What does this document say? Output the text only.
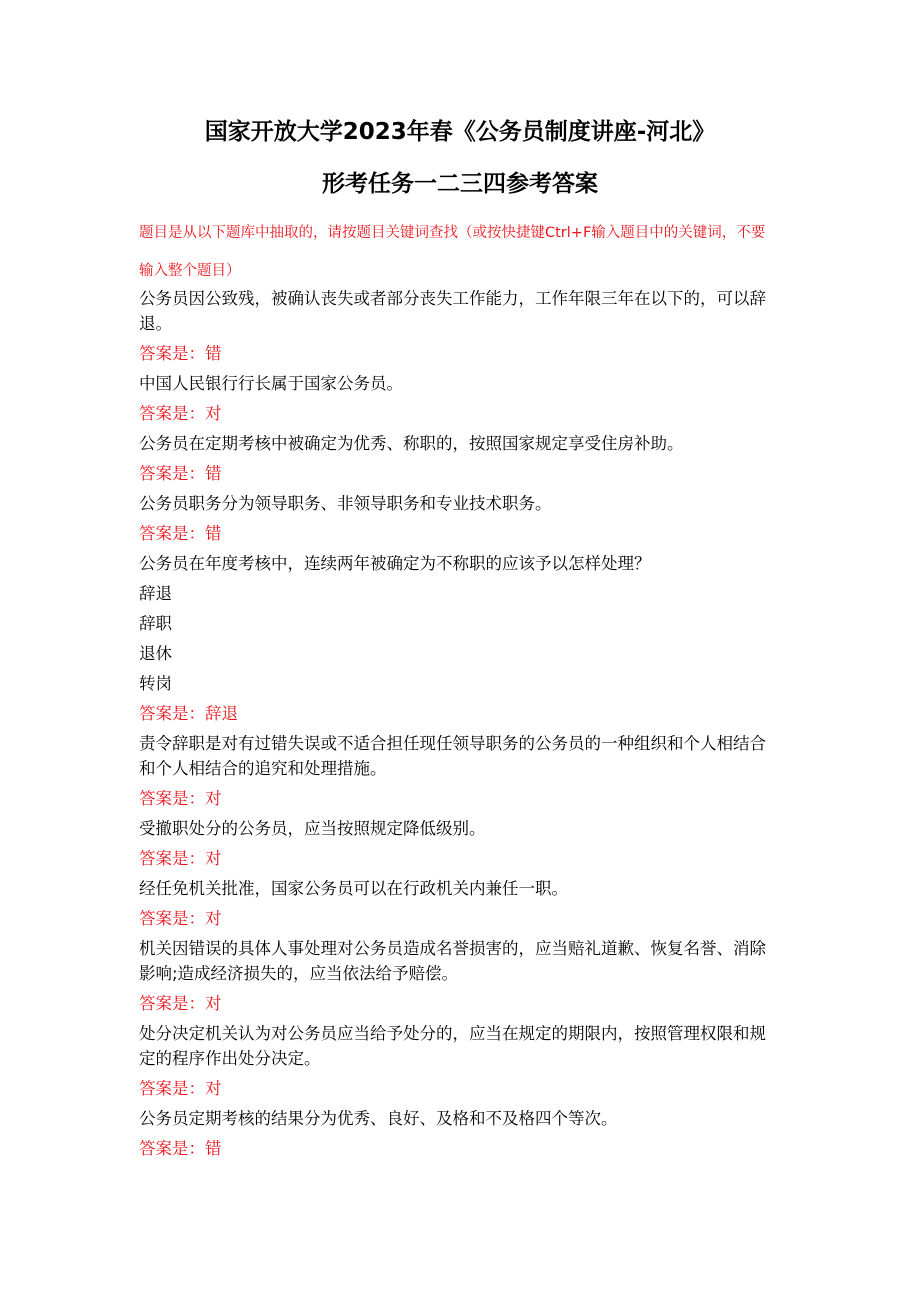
国家开放大学2023年春《公务员制度讲座-河北》
形考任务一二三四参考答案

题目是从以下题库中抽取的，请按题目关键词查找（或按快捷键Ctrl+F输入题目中的关键词，不要输入整个题目）

公务员因公致残，被确认丧失或者部分丧失工作能力，工作年限三年在以下的，可以辞退。

答案是：错

中国人民银行行长属于国家公务员。

答案是：对

公务员在定期考核中被确定为优秀、称职的，按照国家规定享受住房补助。

答案是：错

公务员职务分为领导职务、非领导职务和专业技术职务。

答案是：错

公务员在年度考核中，连续两年被确定为不称职的应该予以怎样处理？

辞退

辞职

退休

转岗

答案是：辞退

责令辞职是对有过错失误或不适合担任现任领导职务的公务员的一种组织和个人相结合和个人相结合的追究和处理措施。

答案是：对

受撤职处分的公务员，应当按照规定降低级别。

答案是：对

经任免机关批准，国家公务员可以在行政机关内兼任一职。

答案是：对

机关因错误的具体人事处理对公务员造成名誉损害的，应当赔礼道歉、恢复名誉、消除影响;造成经济损失的，应当依法给予赔偿。

答案是：对

处分决定机关认为对公务员应当给予处分的，应当在规定的期限内，按照管理权限和规定的程序作出处分决定。

答案是：对

公务员定期考核的结果分为优秀、良好、及格和不及格四个等次。

答案是：错
